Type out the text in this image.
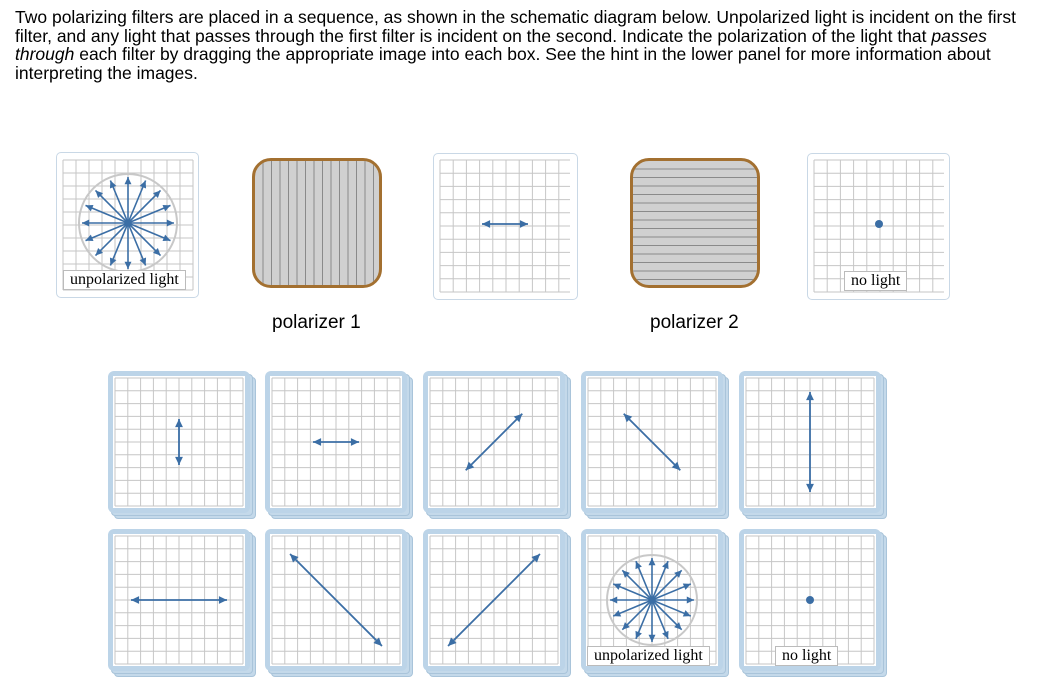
Two polarizing filters are placed in a sequence, as shown in the schematic diagram below. Unpolarized light is incident on the first filter, and any light that passes through the first filter is incident on the second. Indicate the polarization of the light that passes through each filter by dragging the appropriate image into each box. See the hint in the lower panel for more information about interpreting the images.

unpolarized light
polarizer 1	polarizer 2
no light
unpolarized light	no light
